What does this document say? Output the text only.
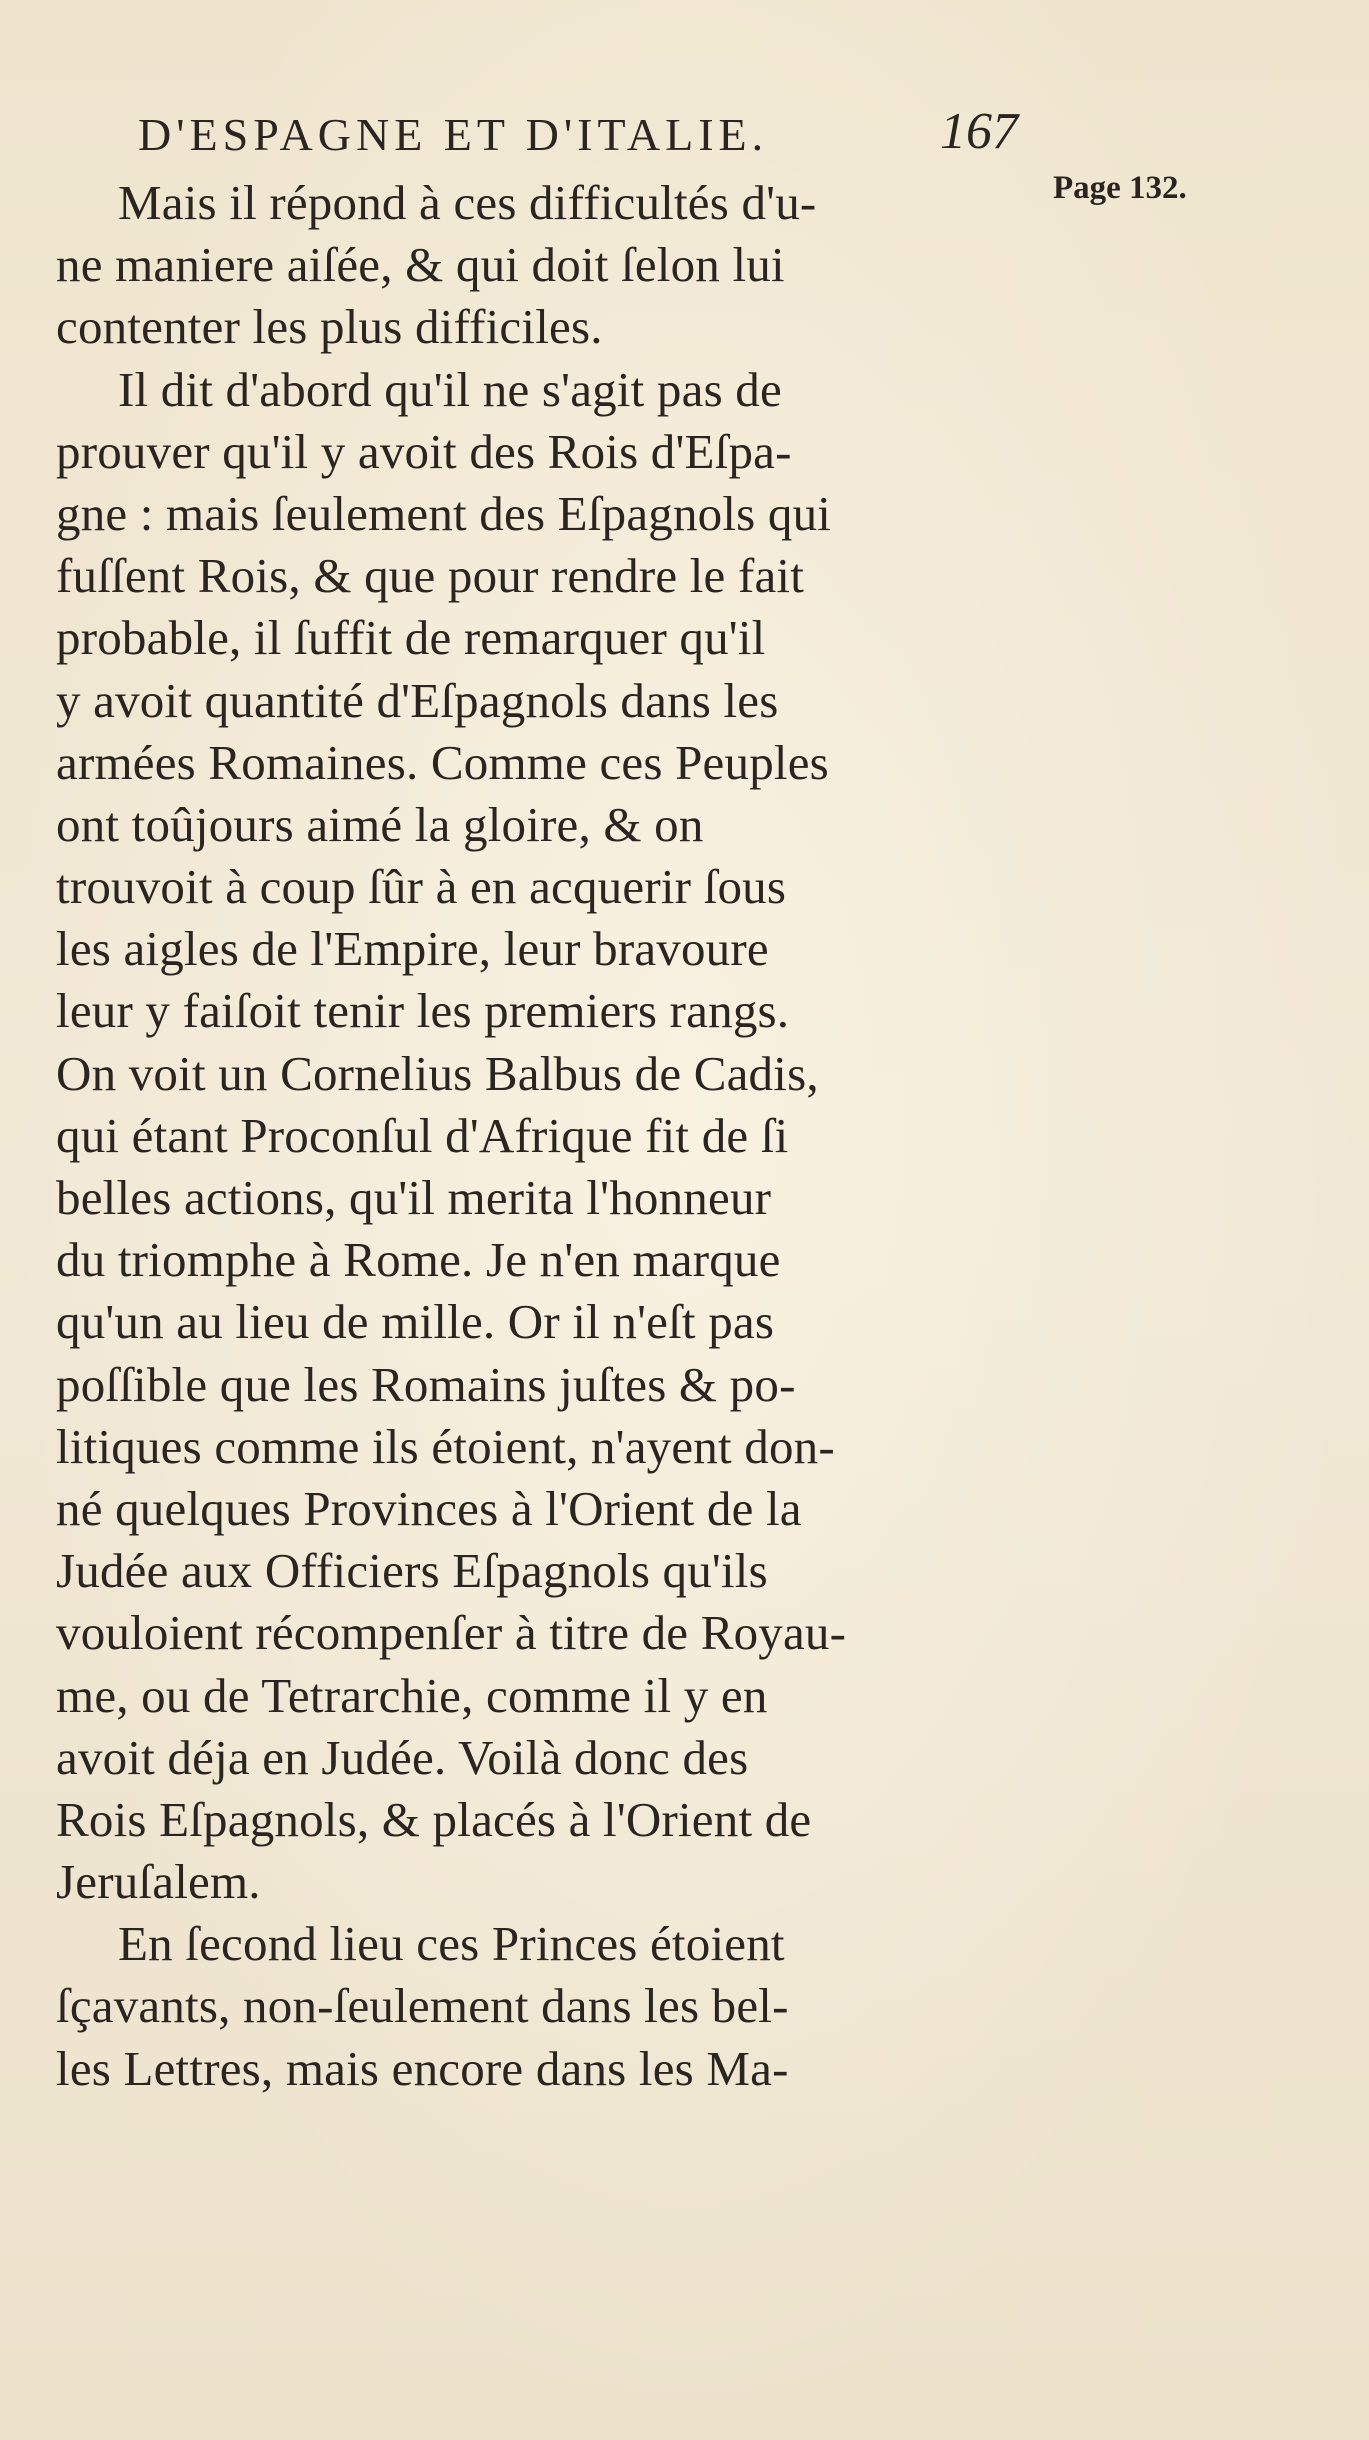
D'ESPAGNE ET D'ITALIE.	167
Page 132.
Mais il répond à ces difficultés d'u-
ne maniere aiſée, & qui doit ſelon lui
contenter les plus difficiles.
Il dit d'abord qu'il ne s'agit pas de
prouver qu'il y avoit des Rois d'Eſpa-
gne : mais ſeulement des Eſpagnols qui
fuſſent Rois, & que pour rendre le fait
probable, il ſuffit de remarquer qu'il
y avoit quantité d'Eſpagnols dans les
armées Romaines. Comme ces Peuples
ont toûjours aimé la gloire, & on
trouvoit à coup ſûr à en acquerir ſous
les aigles de l'Empire, leur bravoure
leur y faiſoit tenir les premiers rangs.
On voit un Cornelius Balbus de Cadis,
qui étant Proconſul d'Afrique fit de ſi
belles actions, qu'il merita l'honneur
du triomphe à Rome. Je n'en marque
qu'un au lieu de mille. Or il n'eſt pas
poſſible que les Romains juſtes & po-
litiques comme ils étoient, n'ayent don-
né quelques Provinces à l'Orient de la
Judée aux Officiers Eſpagnols qu'ils
vouloient récompenſer à titre de Royau-
me, ou de Tetrarchie, comme il y en
avoit déja en Judée. Voilà donc des
Rois Eſpagnols, & placés à l'Orient de
Jeruſalem.
En ſecond lieu ces Princes étoient
ſçavants, non-ſeulement dans les bel-
les Lettres, mais encore dans les Ma-
